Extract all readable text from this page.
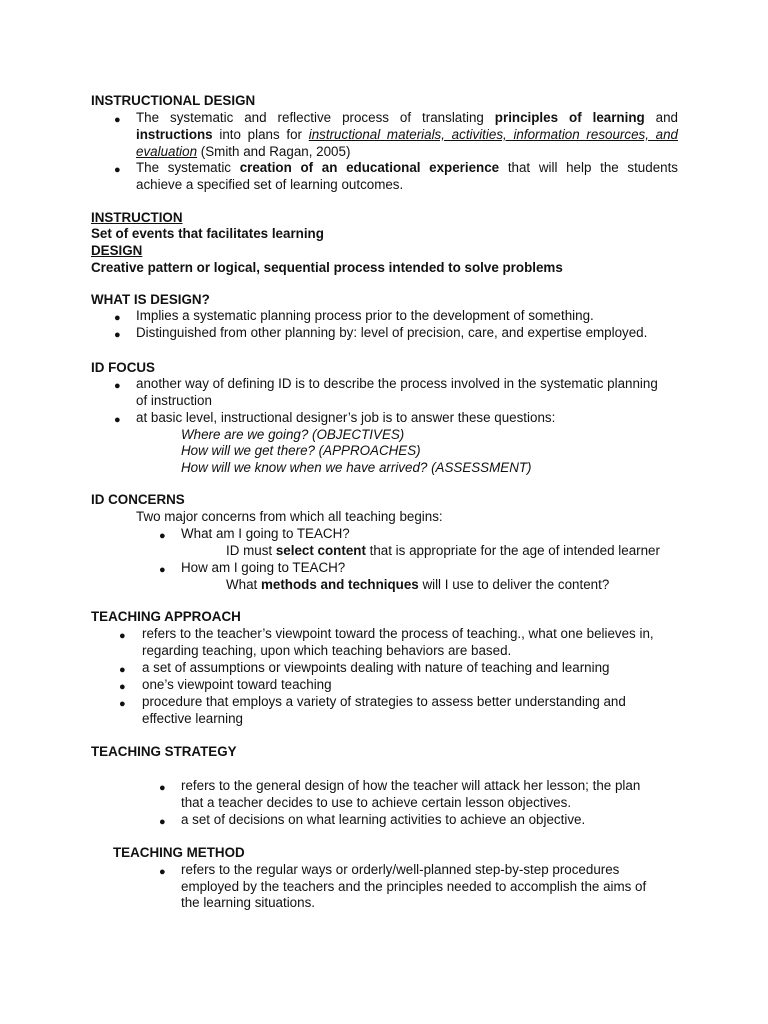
INSTRUCTIONAL DESIGN
● The systematic and reflective process of translating principles of learning and
instructions into plans for instructional materials, activities, information resources, and
evaluation (Smith and Ragan, 2005)
● The systematic creation of an educational experience that will help the students
achieve a specified set of learning outcomes.
INSTRUCTION
Set of events that facilitates learning
DESIGN
Creative pattern or logical, sequential process intended to solve problems
WHAT IS DESIGN?
● Implies a systematic planning process prior to the development of something.
● Distinguished from other planning by: level of precision, care, and expertise employed.
ID FOCUS
● another way of defining ID is to describe the process involved in the systematic planning
of instruction
● at basic level, instructional designer’s job is to answer these questions:
Where are we going? (OBJECTIVES)
How will we get there? (APPROACHES)
How will we know when we have arrived? (ASSESSMENT)
ID CONCERNS
Two major concerns from which all teaching begins:
● What am I going to TEACH?
ID must select content that is appropriate for the age of intended learner
● How am I going to TEACH?
What methods and techniques will I use to deliver the content?
TEACHING APPROACH
● refers to the teacher’s viewpoint toward the process of teaching., what one believes in,
regarding teaching, upon which teaching behaviors are based.
● a set of assumptions or viewpoints dealing with nature of teaching and learning
● one’s viewpoint toward teaching
● procedure that employs a variety of strategies to assess better understanding and
effective learning
TEACHING STRATEGY
● refers to the general design of how the teacher will attack her lesson; the plan
that a teacher decides to use to achieve certain lesson objectives.
● a set of decisions on what learning activities to achieve an objective.
TEACHING METHOD
● refers to the regular ways or orderly/well-planned step-by-step procedures
employed by the teachers and the principles needed to accomplish the aims of
the learning situations.
